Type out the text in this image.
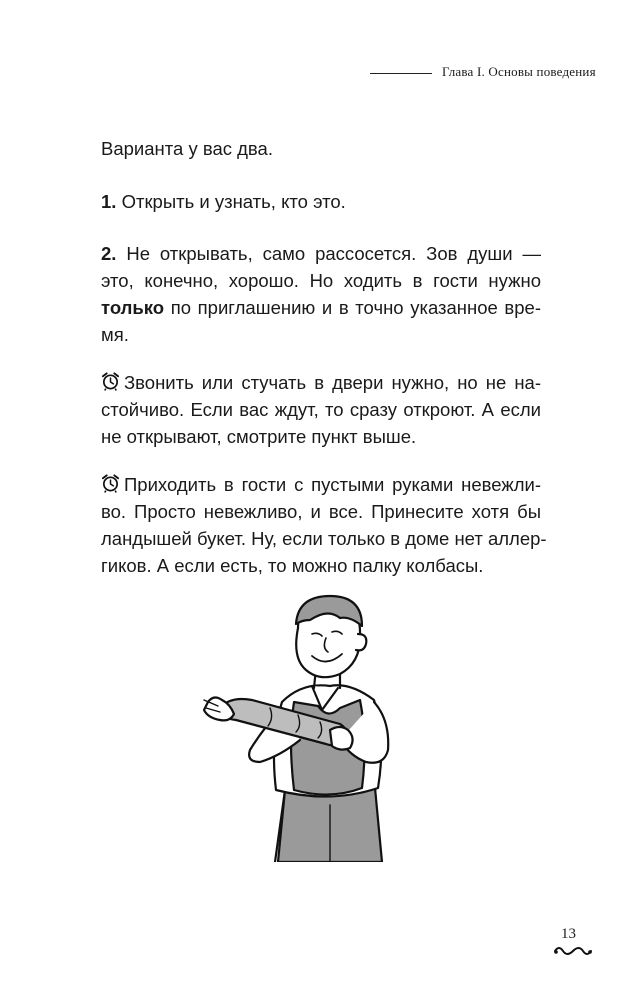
Глава I. Основы поведения
Варианта у вас два.
1. Открыть и узнать, кто это.
2. Не открывать, само рассосется. Зов души —
это, конечно, хорошо. Но ходить в гости нужно
только по приглашению и в точно указанное вре-
мя.
Звонить или стучать в двери нужно, но не на-
стойчиво. Если вас ждут, то сразу откроют. А если
не открывают, смотрите пункт выше.
Приходить в гости с пустыми руками невежли-
во. Просто невежливо, и все. Принесите хотя бы
ландышей букет. Ну, если только в доме нет аллер-
гиков. А если есть, то можно палку колбасы.
13
